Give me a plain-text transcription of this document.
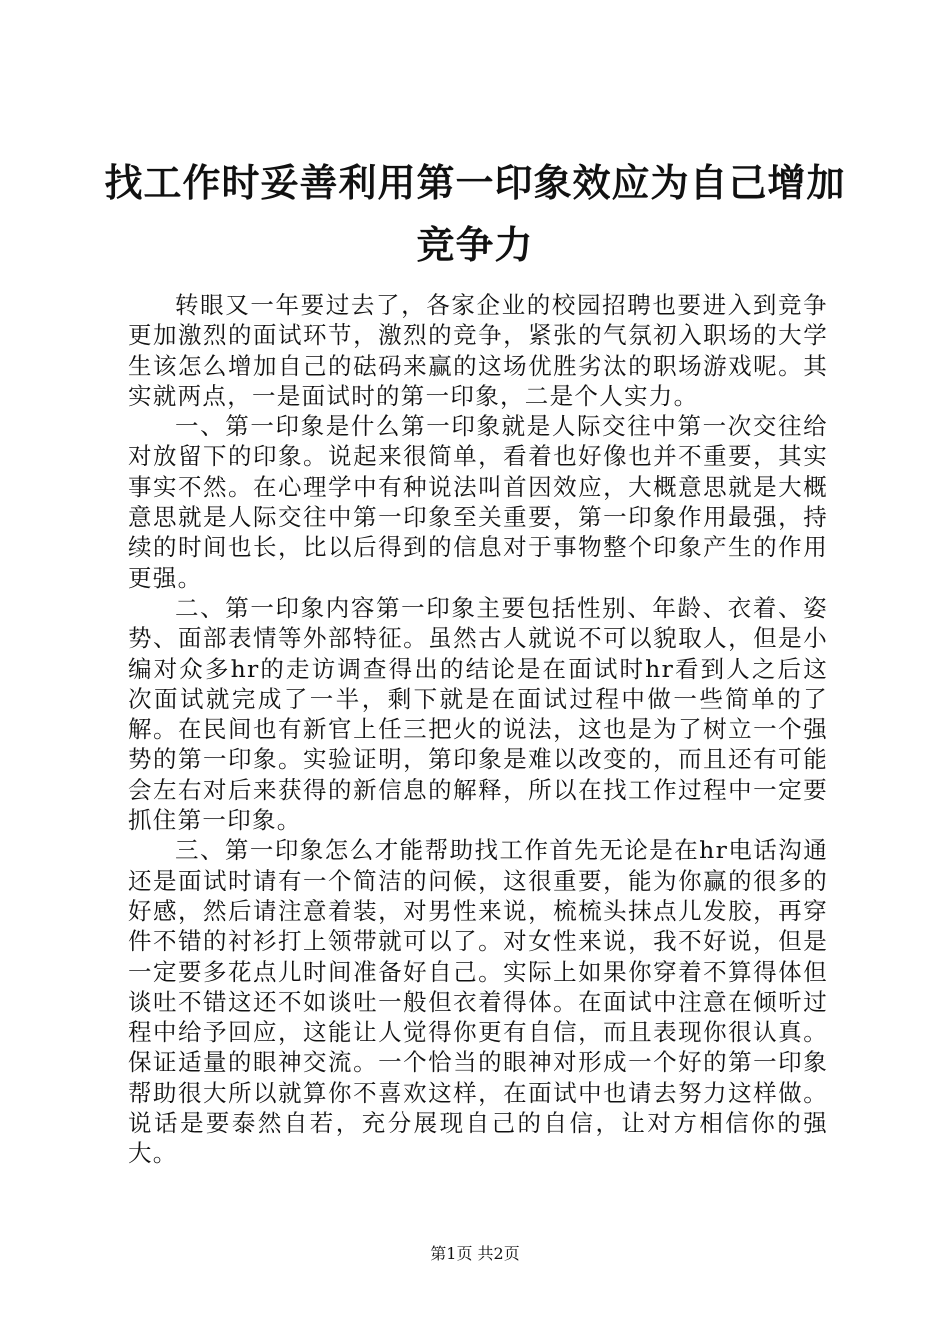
找工作时妥善利用第一印象效应为自己增加竞争力

转眼又一年要过去了，各家企业的校园招聘也要进入到竞争更加激烈的面试环节，激烈的竞争，紧张的气氛初入职场的大学生该怎么增加自己的砝码来赢的这场优胜劣汰的职场游戏呢。其实就两点，一是面试时的第一印象，二是个人实力。

一、第一印象是什么第一印象就是人际交往中第一次交往给对放留下的印象。说起来很简单，看着也好像也并不重要，其实事实不然。在心理学中有种说法叫首因效应，大概意思就是大概意思就是人际交往中第一印象至关重要，第一印象作用最强，持续的时间也长，比以后得到的信息对于事物整个印象产生的作用更强。

二、第一印象内容第一印象主要包括性别、年龄、衣着、姿势、面部表情等外部特征。虽然古人就说不可以貌取人，但是小编对众多hr的走访调查得出的结论是在面试时hr看到人之后这次面试就完成了一半，剩下就是在面试过程中做一些简单的了解。在民间也有新官上任三把火的说法，这也是为了树立一个强势的第一印象。实验证明，第印象是难以改变的，而且还有可能会左右对后来获得的新信息的解释，所以在找工作过程中一定要抓住第一印象。

三、第一印象怎么才能帮助找工作首先无论是在hr电话沟通还是面试时请有一个简洁的问候，这很重要，能为你赢的很多的好感，然后请注意着装，对男性来说，梳梳头抹点儿发胶，再穿件不错的衬衫打上领带就可以了。对女性来说，我不好说，但是一定要多花点儿时间准备好自己。实际上如果你穿着不算得体但谈吐不错这还不如谈吐一般但衣着得体。在面试中注意在倾听过程中给予回应，这能让人觉得你更有自信，而且表现你很认真。保证适量的眼神交流。一个恰当的眼神对形成一个好的第一印象帮助很大所以就算你不喜欢这样，在面试中也请去努力这样做。说话是要泰然自若，充分展现自己的自信，让对方相信你的强大。

第1页 共2页
